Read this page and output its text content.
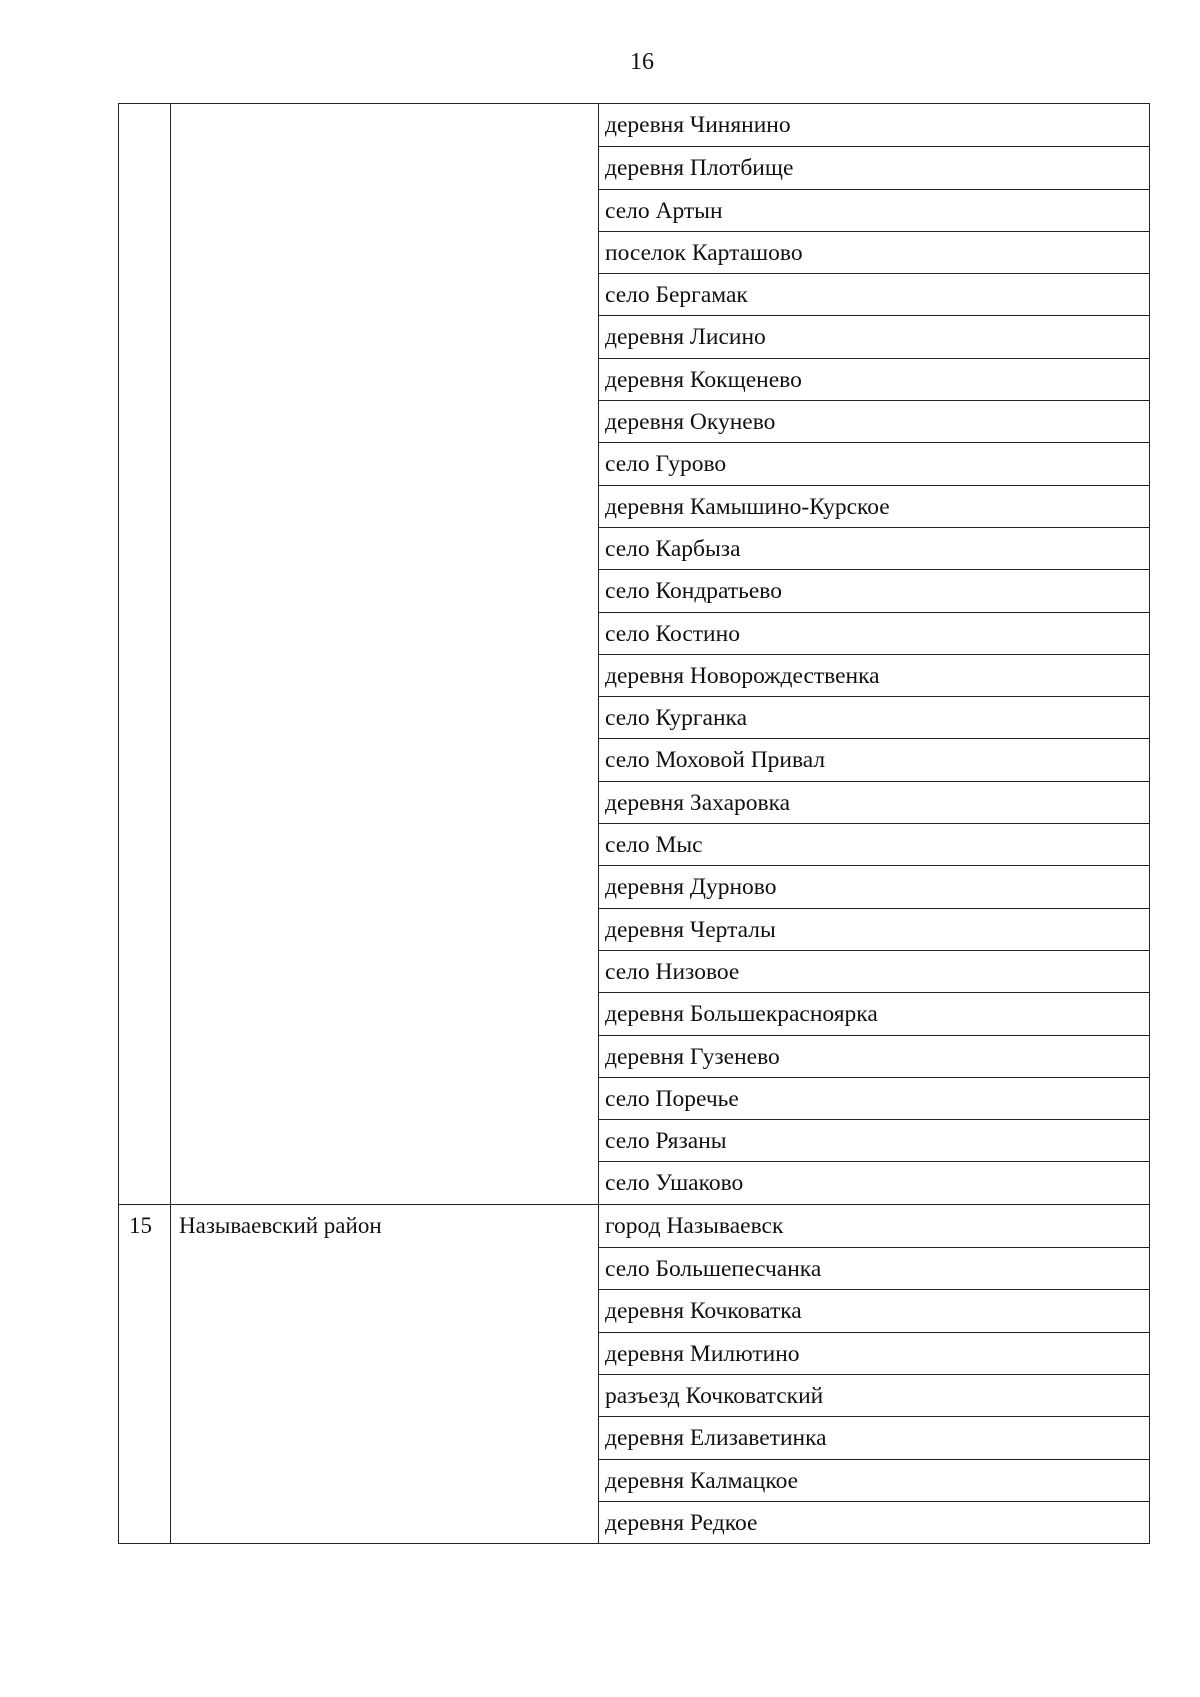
16
деревня Чинянино
деревня Плотбище
село Артын
поселок Карташово
село Бергамак
деревня Лисино
деревня Кокщенево
деревня Окунево
село Гурово
деревня Камышино-Курское
село Карбыза
село Кондратьево
село Костино
деревня Новорождественка
село Курганка
село Моховой Привал
деревня Захаровка
село Мыс
деревня Дурново
деревня Черталы
село Низовое
деревня Большекрасноярка
деревня Гузенево
село Поречье
село Рязаны
село Ушаково
15	Называевский район	город Называевск
село Большепесчанка
деревня Кочковатка
деревня Милютино
разъезд Кочковатский
деревня Елизаветинка
деревня Калмацкое
деревня Редкое
